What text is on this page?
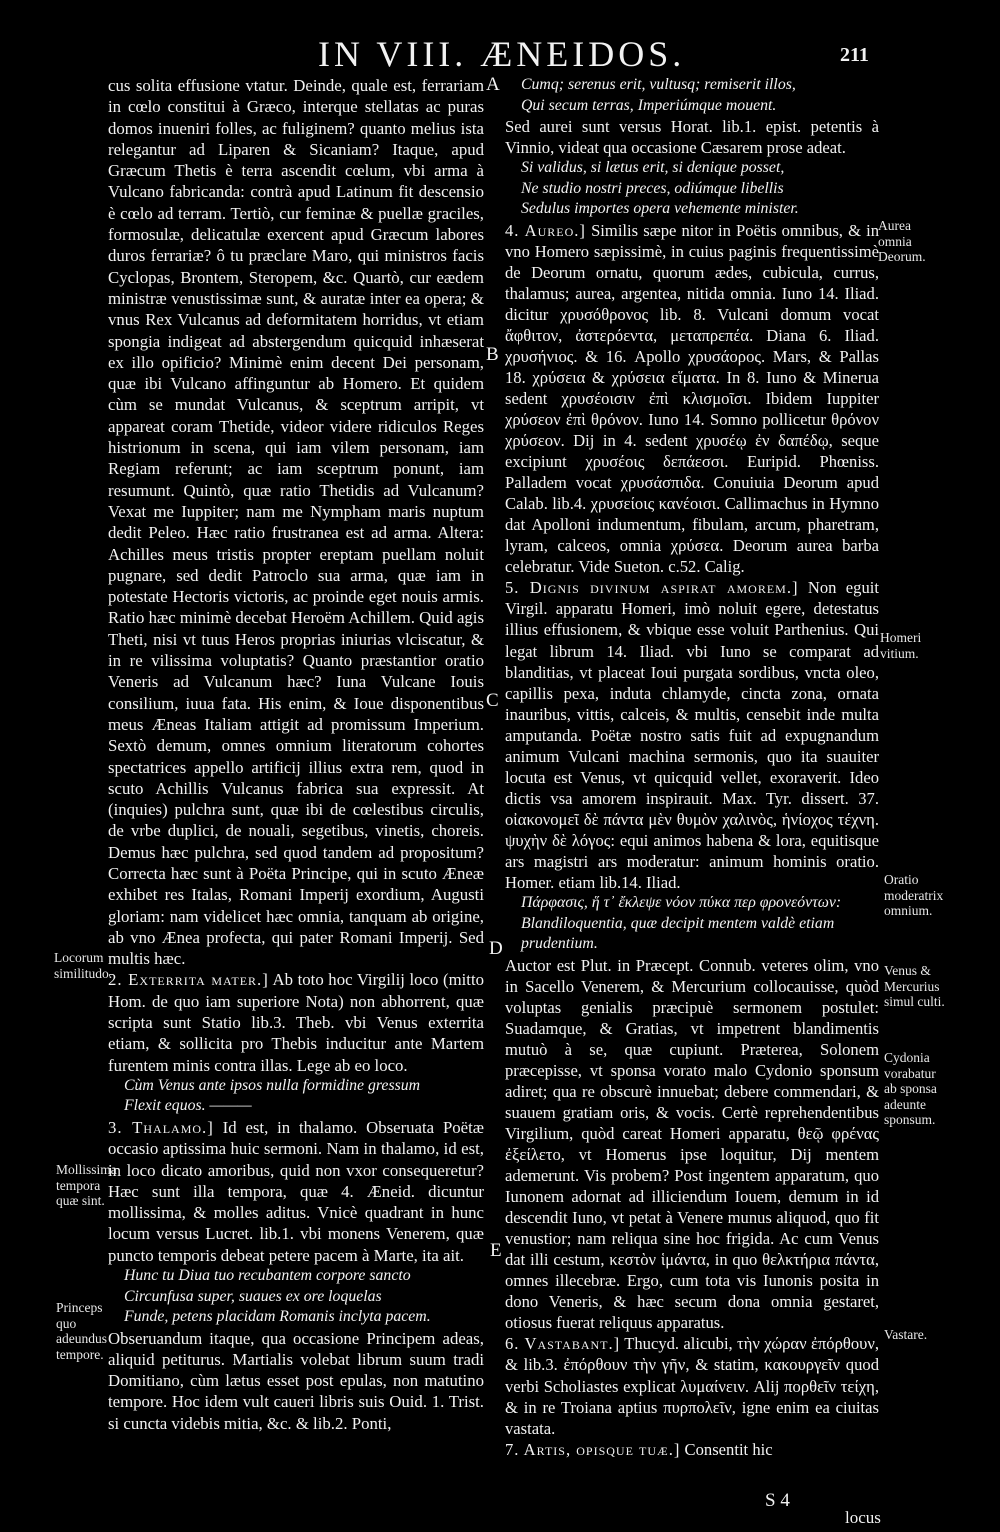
IN VIII. ÆNEIDOS.	211

cus solita effusione vtatur. Deinde, quale est, ferrariam in cœlo constitui à Græco, interque stellatas ac puras domos inueniri folles, ac fuliginem? quanto melius ista relegantur ad Liparen & Sicaniam? Itaque, apud Græcum Thetis è terra ascendit cœlum, vbi arma à Vulcano fabricanda: contrà apud Latinum fit descensio è cœlo ad terram. Tertiò, cur feminæ & puellæ graciles, formosulæ, delicatulæ exercent apud Græcum labores duros ferrariæ? ô tu præclare Maro, qui ministros facis Cyclopas, Brontem, Steropem, &c. Quartò, cur eædem ministræ venustissimæ sunt, & auratæ inter ea opera; & vnus Rex Vulcanus ad deformitatem horridus, vt etiam spongia indigeat ad abstergendum quicquid inhæserat ex illo opificio? Minimè enim decent Dei personam, quæ ibi Vulcano affinguntur ab Homero. Et quidem cùm se mundat Vulcanus, & sceptrum arripit, vt appareat coram Thetide, videor videre ridiculos Reges histrionum in scena, qui iam vilem personam, iam Regiam referunt; ac iam sceptrum ponunt, iam resumunt. Quintò, quæ ratio Thetidis ad Vulcanum? Vexat me Iuppiter; nam me Nympham maris nuptum dedit Peleo. Hæc ratio frustranea est ad arma. Altera: Achilles meus tristis propter ereptam puellam noluit pugnare, sed dedit Patroclo sua arma, quæ iam in potestate Hectoris victoris, ac proinde eget nouis armis. Ratio hæc minimè decebat Heroëm Achillem. Quid agis Theti, nisi vt tuus Heros proprias iniurias vlciscatur, & in re vilissima voluptatis? Quanto præstantior oratio Veneris ad Vulcanum hæc? Iuna Vulcane Iouis consilium, iuua fata. His enim, & Ioue disponentibus meus Æneas Italiam attigit ad promissum Imperium. Sextò demum, omnes omnium literatorum cohortes spectatrices appello artificij illius extra rem, quod in scuto Achillis Vulcanus fabrica sua expressit. At (inquies) pulchra sunt, quæ ibi de cœlestibus circulis, de vrbe duplici, de nouali, segetibus, vinetis, choreis. Demus hæc pulchra, sed quod tandem ad propositum? Correcta hæc sunt à Poëta Principe, qui in scuto Æneæ exhibet res Italas, Romani Imperij exordium, Augusti gloriam: nam videlicet hæc omnia, tanquam ab origine, ab vno Ænea profecta, qui pater Romani Imperij. Sed multis hæc.

2. Exterrita mater.] Ab toto hoc Virgilij loco (mitto Hom. de quo iam superiore Nota) non abhorrent, quæ scripta sunt Statio lib.3. Theb. vbi Venus exterrita etiam, & sollicita pro Thebis inducitur ante Martem furentem minis contra illas. Lege ab eo loco.

Cùm Venus ante ipsos nulla formidine gressum
Flexit equos. ———

3. Thalamo.] Id est, in thalamo. Obseruata Poëtæ occasio aptissima huic sermoni. Nam in thalamo, id est, in loco dicato amoribus, quid non vxor consequeretur? Hæc sunt illa tempora, quæ 4. Æneid. dicuntur mollissima, & molles aditus. Vnicè quadrant in hunc locum versus Lucret. lib.1. vbi monens Venerem, quæ puncto temporis debeat petere pacem à Marte, ita ait.

Hunc tu Diua tuo recubantem corpore sancto
Circunfusa super, suaues ex ore loquelas
Funde, petens placidam Romanis inclyta pacem.

Obseruandum itaque, qua occasione Principem adeas, aliquid petiturus. Martialis volebat librum suum tradi Domitiano, cùm lætus esset post epulas, non matutino tempore. Hoc idem vult caueri libris suis Ouid. 1. Trist. si cuncta videbis mitia, &c. & lib.2. Ponti,

Cumq; serenus erit, vultusq; remiserit illos,
Qui secum terras, Imperiúmque mouent.

Sed aurei sunt versus Horat. lib.1. epist. petentis à Vinnio, videat qua occasione Cæsarem prose adeat.

Si validus, si lætus erit, si denique posset,
Ne studio nostri preces, odiúmque libellis
Sedulus importes opera vehemente minister.

4. Aureo.] Similis sæpe nitor in Poëtis omnibus, & in vno Homero sæpissimè, in cuius paginis frequentissimè de Deorum ornatu, quorum ædes, cubicula, currus, thalamus; aurea, argentea, nitida omnia. Iuno 14. Iliad. dicitur χρυσόθρονος lib. 8. Vulcani domum vocat ἄφθιτον, ἀστερόεντα, μεταπρεπέα. Diana 6. Iliad. χρυσήνιος. & 16. Apollo χρυσάορος. Mars, & Pallas 18. χρύσεια & χρύσεια εἵματα. In 8. Iuno & Minerua sedent χρυσέοισιν ἐπὶ κλισμοῖσι. Ibidem Iuppiter χρύσεον ἐπὶ θρόνον. Iuno 14. Somno pollicetur θρόνον χρύσεον. Dij in 4. sedent χρυσέῳ ἐν δαπέδῳ, seque excipiunt χρυσέοις δεπάεσσι. Euripid. Phœniss. Palladem vocat χρυσάσπιδα. Conuiuia Deorum apud Calab. lib.4. χρυσείοις κανέοισι. Callimachus in Hymno dat Apolloni indumentum, fibulam, arcum, pharetram, lyram, calceos, omnia χρύσεα. Deorum aurea barba celebratur. Vide Sueton. c.52. Calig.

5. Dignis divinum aspirat amorem.] Non eguit Virgil. apparatu Homeri, imò noluit egere, detestatus illius effusionem, & vbique esse voluit Parthenius. Qui legat librum 14. Iliad. vbi Iuno se comparat ad blanditias, vt placeat Ioui purgata sordibus, vncta oleo, capillis pexa, induta chlamyde, cincta zona, ornata inauribus, vittis, calceis, & multis, censebit inde multa amputanda. Poëtæ nostro satis fuit ad expugnandum animum Vulcani machina sermonis, quo ita suauiter locuta est Venus, vt quicquid vellet, exoraverit. Ideo dictis vsa amorem inspirauit. Max. Tyr. dissert. 37. οἰακονομεῖ δὲ πάντα μὲν θυμὸν χαλινὸς, ἡνίοχος τέχνη. ψυχὴν δὲ λόγος: equi animos habena & lora, equitisque ars magistri ars moderatur: animum hominis oratio. Homer. etiam lib.14. Iliad.

Πάρφασις, ἥ τ᾽ ἔκλεψε νόον πύκα περ φρονεόντων:
Blandiloquentia, quæ decipit mentem valdè etiam prudentium.

Auctor est Plut. in Præcept. Connub. veteres olim, vno in Sacello Venerem, & Mercurium collocauisse, quòd voluptas genialis præcipuè sermonem postulet: Suadamque, & Gratias, vt impetrent blandimentis mutuò à se, quæ cupiunt. Præterea, Solonem præcepisse, vt sponsa vorato malo Cydonio sponsum adiret; qua re obscurè innuebat; debere commendari, & suauem gratiam oris, & vocis. Certè reprehendentibus Virgilium, quòd careat Homeri apparatu, θεῷ φρένας ἐξείλετο, vt Homerus ipse loquitur, Dij mentem ademerunt. Vis probem? Post ingentem apparatum, quo Iunonem adornat ad illiciendum Iouem, demum in id descendit Iuno, vt petat à Venere munus aliquod, quo fit venustior; nam reliqua sine hoc frigida. Ac cum Venus dat illi cestum, κεστὸν ἱμάντα, in quo θελκτήρια πάντα, omnes illecebræ. Ergo, cum tota vis Iunonis posita in dono Veneris, & hæc secum dona omnia gestaret, otiosus fuerat reliquus apparatus.

6. Vastabant.] Thucyd. alicubi, τὴν χώραν ἐπόρθουν, & lib.3. ἐπόρθουν τὴν γῆν, & statim, κακουργεῖν quod verbi Scholiastes explicat λυμαίνειν. Alij πορθεῖν τείχη, & in re Troiana aptius πυρπολεῖν, igne enim ea ciuitas vastata.

7. Artis, opisque tuæ.] Consentit hic

Aurea omnia Deorum.
Homeri vitium.
Oratio moderatrix omnium.
Venus & Mercurius simul culti.
Cydonia vorabatur ab sponsa adeunte sponsum.
Vastare.
Locorum similitudo.
Mollissima tempora quæ sint.
Princeps quo adeundus tempore.
A
B
C
D
E
S 4
locus
